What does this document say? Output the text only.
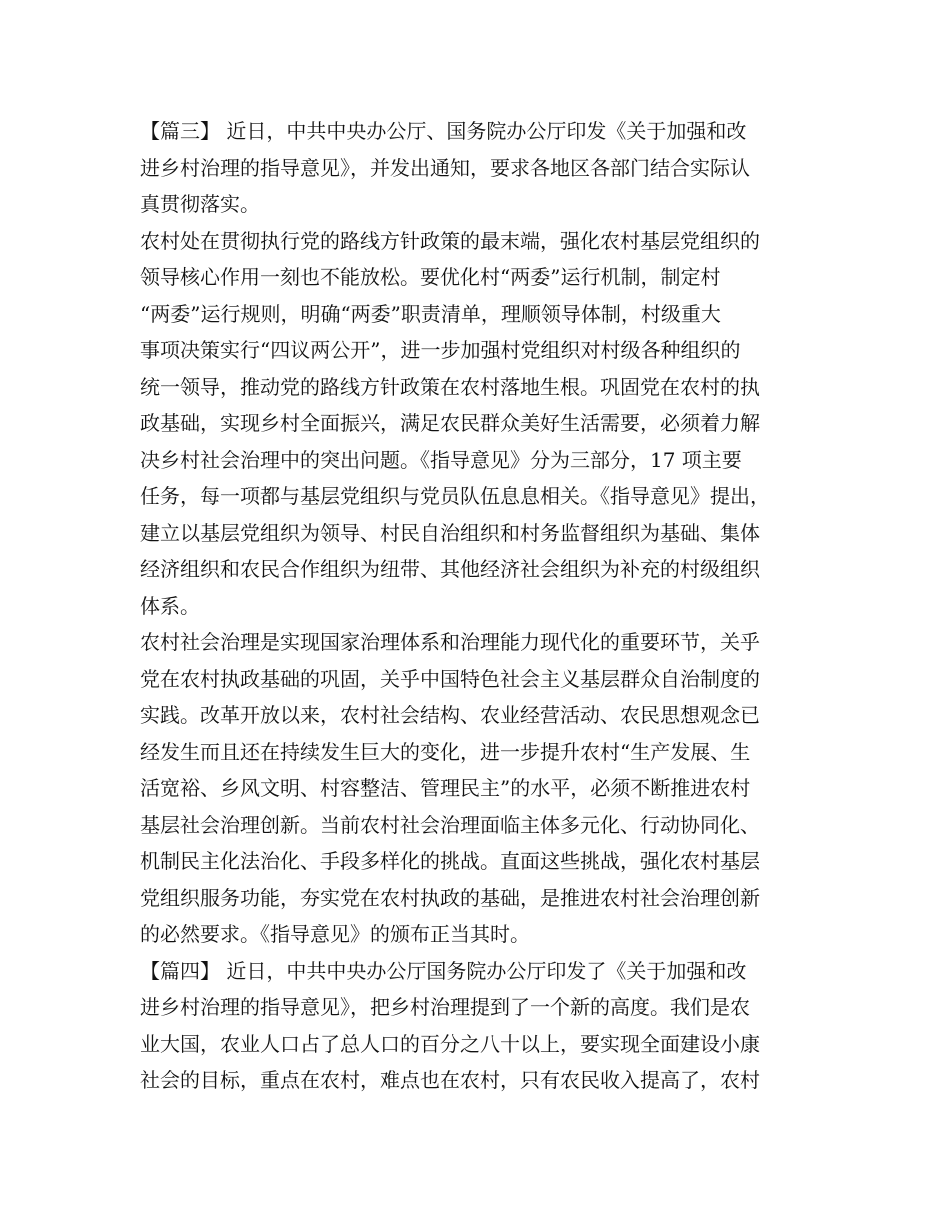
【篇三】 近日，中共中央办公厅、国务院办公厅印发《关于加强和改
进乡村治理的指导意见》，并发出通知，要求各地区各部门结合实际认
真贯彻落实。

农村处在贯彻执行党的路线方针政策的最末端，强化农村基层党组织的
领导核心作用一刻也不能放松。要优化村“两委”运行机制，制定村
“两委”运行规则，明确“两委”职责清单，理顺领导体制，村级重大
事项决策实行“四议两公开”，进一步加强村党组织对村级各种组织的
统一领导，推动党的路线方针政策在农村落地生根。巩固党在农村的执
政基础，实现乡村全面振兴，满足农民群众美好生活需要，必须着力解
决乡村社会治理中的突出问题。《指导意见》分为三部分，17 项主要
任务，每一项都与基层党组织与党员队伍息息相关。《指导意见》提出，
建立以基层党组织为领导、村民自治组织和村务监督组织为基础、集体
经济组织和农民合作组织为纽带、其他经济社会组织为补充的村级组织
体系。

农村社会治理是实现国家治理体系和治理能力现代化的重要环节，关乎
党在农村执政基础的巩固，关乎中国特色社会主义基层群众自治制度的
实践。改革开放以来，农村社会结构、农业经营活动、农民思想观念已
经发生而且还在持续发生巨大的变化，进一步提升农村“生产发展、生
活宽裕、乡风文明、村容整洁、管理民主”的水平，必须不断推进农村
基层社会治理创新。当前农村社会治理面临主体多元化、行动协同化、
机制民主化法治化、手段多样化的挑战。直面这些挑战，强化农村基层
党组织服务功能，夯实党在农村执政的基础，是推进农村社会治理创新
的必然要求。《指导意见》的颁布正当其时。

【篇四】 近日，中共中央办公厅国务院办公厅印发了《关于加强和改
进乡村治理的指导意见》，把乡村治理提到了一个新的高度。我们是农
业大国，农业人口占了总人口的百分之八十以上，要实现全面建设小康
社会的目标，重点在农村，难点也在农村，只有农民收入提高了，农村
